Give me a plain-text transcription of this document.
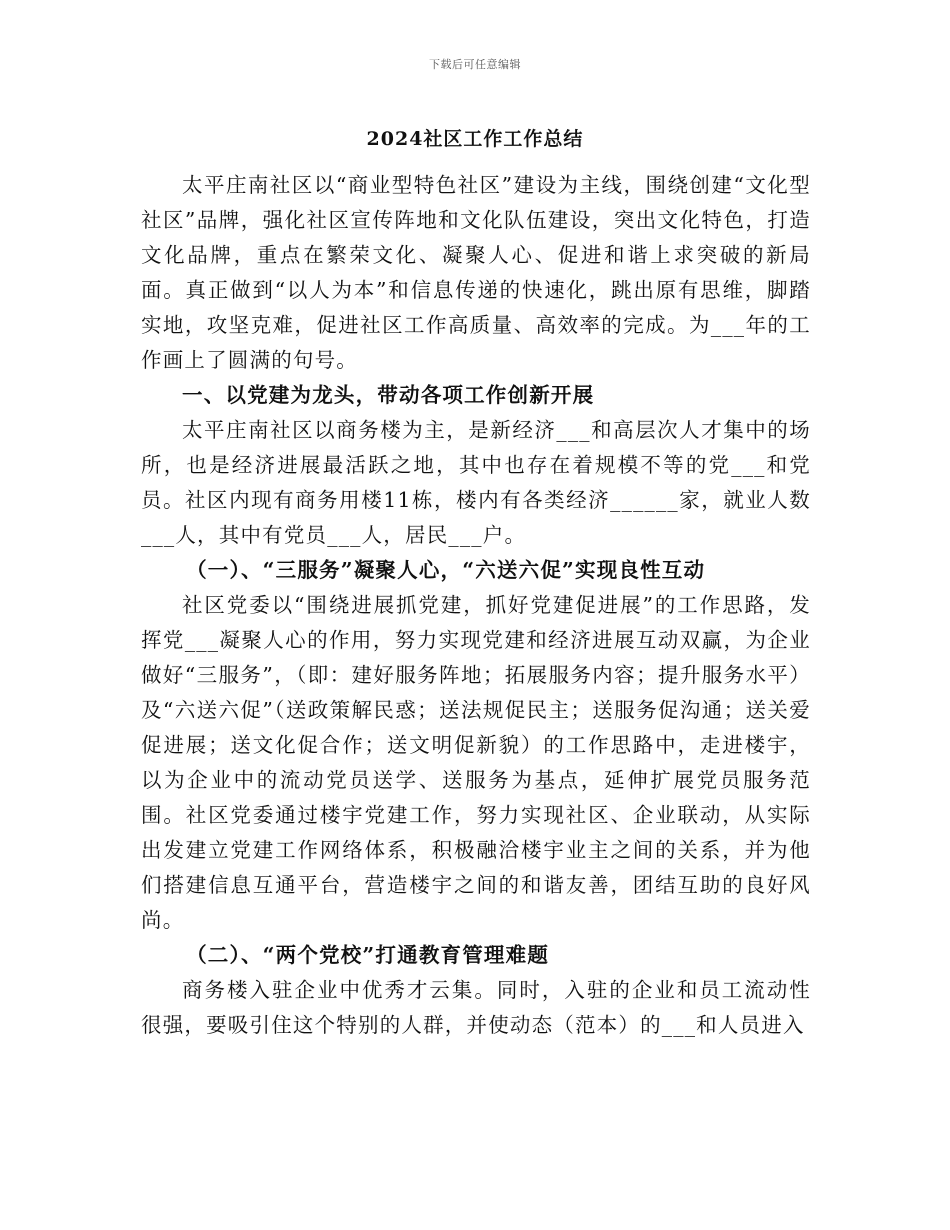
下载后可任意编辑
2024社区工作工作总结

太平庄南社区以“商业型特色社区”建设为主线，围绕创建“文化型社区”品牌，强化社区宣传阵地和文化队伍建设，突出文化特色，打造文化品牌，重点在繁荣文化、凝聚人心、促进和谐上求突破的新局面。真正做到“以人为本”和信息传递的快速化，跳出原有思维，脚踏实地，攻坚克难，促进社区工作高质量、高效率的完成。为___年的工作画上了圆满的句号。

一、以党建为龙头，带动各项工作创新开展

太平庄南社区以商务楼为主，是新经济___和高层次人才集中的场所，也是经济进展最活跃之地，其中也存在着规模不等的党___和党员。社区内现有商务用楼11栋，楼内有各类经济______家，就业人数___人，其中有党员___人，居民___户。

（一）、“三服务”凝聚人心，“六送六促”实现良性互动

社区党委以“围绕进展抓党建，抓好党建促进展”的工作思路，发挥党___凝聚人心的作用，努力实现党建和经济进展互动双赢，为企业做好“三服务”，（即：建好服务阵地；拓展服务内容；提升服务水平）及“六送六促”（送政策解民惑；送法规促民主；送服务促沟通；送关爱促进展；送文化促合作；送文明促新貌）的工作思路中，走进楼宇，以为企业中的流动党员送学、送服务为基点，延伸扩展党员服务范围。社区党委通过楼宇党建工作，努力实现社区、企业联动，从实际出发建立党建工作网络体系，积极融洽楼宇业主之间的关系，并为他们搭建信息互通平台，营造楼宇之间的和谐友善，团结互助的良好风尚。

（二）、“两个党校”打通教育管理难题

商务楼入驻企业中优秀才云集。同时，入驻的企业和员工流动性很强，要吸引住这个特别的人群，并使动态（范本）的___和人员进入
